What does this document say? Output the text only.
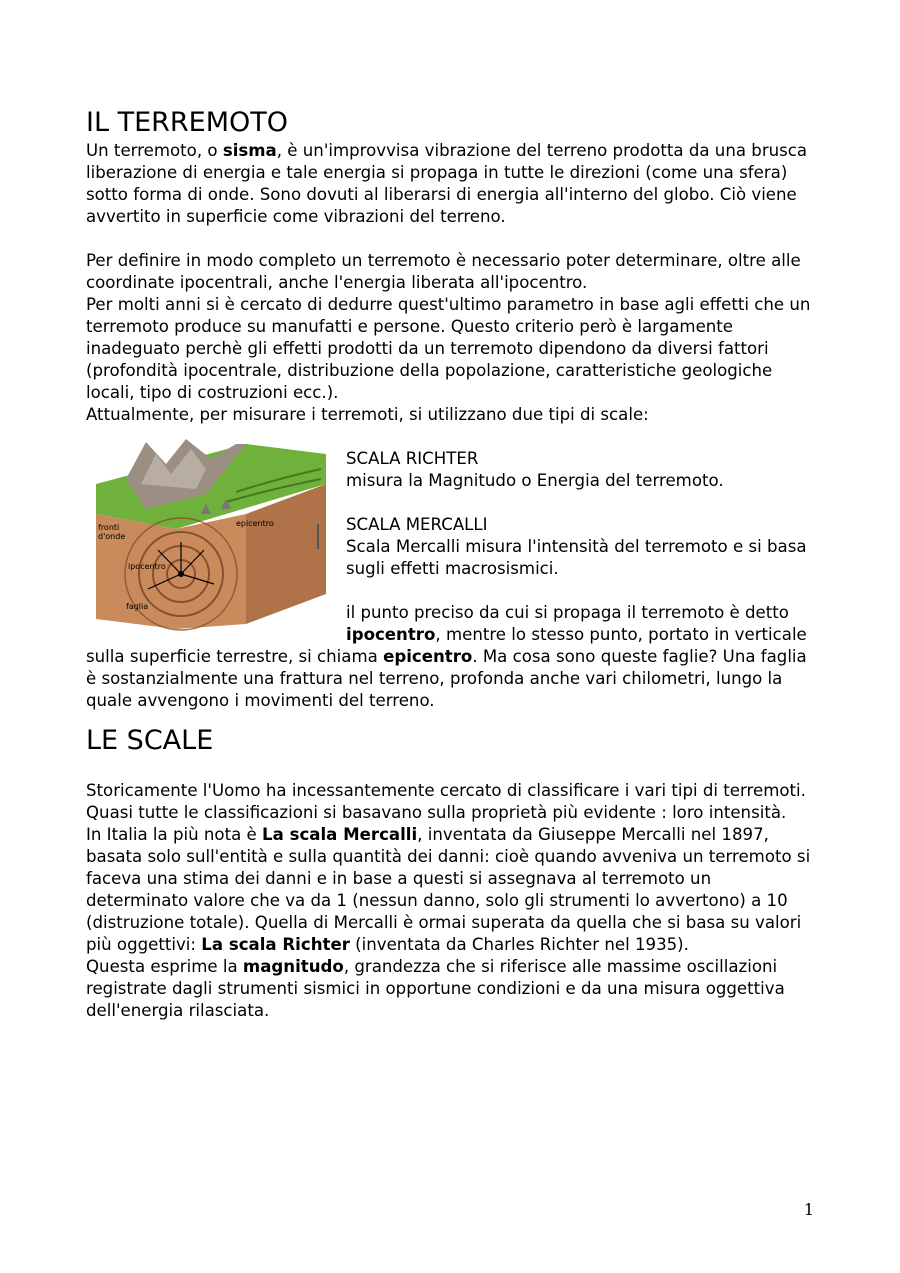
IL TERREMOTO

Un terremoto, o sisma, è un'improvvisa vibrazione del terreno prodotta da una brusca liberazione di energia e tale energia si propaga in tutte le direzioni (come una sfera) sotto forma di onde. Sono dovuti al liberarsi di energia all'interno del globo. Ciò viene avvertito in superficie come vibrazioni del terreno.

Per definire in modo completo un terremoto è necessario poter determinare, oltre alle coordinate ipocentrali, anche l'energia liberata all'ipocentro.

Per molti anni si è cercato di dedurre quest'ultimo parametro in base agli effetti che un terremoto produce su manufatti e persone. Questo criterio però è largamente inadeguato perchè gli effetti prodotti da un terremoto dipendono da diversi fattori (profondità ipocentrale, distribuzione della popolazione, caratteristiche geologiche locali, tipo di costruzioni ecc.).

Attualmente, per misurare i terremoti, si utilizzano due tipi di scale:

epicentro
fronti
d'onde
ipocentro
faglia

SCALA RICHTER

misura la Magnitudo o Energia del terremoto.

SCALA MERCALLI

Scala Mercalli misura l'intensità del terremoto e si basa sugli effetti macrosismici.

il punto preciso da cui si propaga il terremoto è detto ipocentro, mentre lo stesso punto, portato in verticale sulla superficie terrestre, si chiama epicentro. Ma cosa sono queste faglie? Una faglia è sostanzialmente una frattura nel terreno, profonda anche vari chilometri, lungo la quale avvengono i movimenti del terreno.

LE SCALE

Storicamente l'Uomo ha incessantemente cercato di classificare i vari tipi di terremoti.

Quasi tutte le classificazioni si basavano sulla proprietà più evidente : loro intensità.

In Italia la più nota è La scala Mercalli, inventata da Giuseppe Mercalli nel 1897, basata solo sull'entità e sulla quantità dei danni: cioè quando avveniva un terremoto si faceva una stima dei danni e in base a questi si assegnava al terremoto un determinato valore che va da 1 (nessun danno, solo gli strumenti lo avvertono) a 10 (distruzione totale). Quella di Mercalli è ormai superata da quella che si basa su valori più oggettivi: La scala Richter (inventata da Charles Richter nel 1935).

Questa esprime la magnitudo, grandezza che si riferisce alle massime oscillazioni registrate dagli strumenti sismici in opportune condizioni e da una misura oggettiva dell'energia rilasciata.

1
